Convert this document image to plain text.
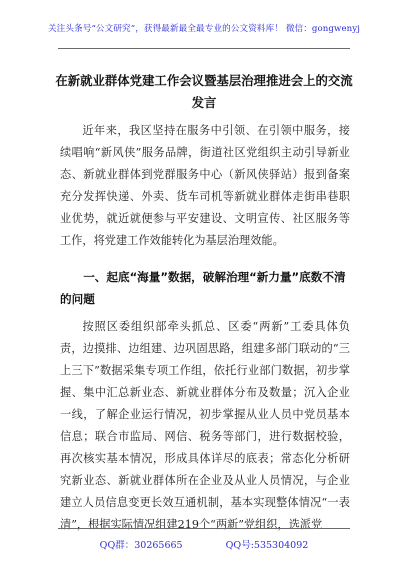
关注头条号“公文研究”，获得最新最全最专业的公文资料库！ 微信：gongwenyj
在新就业群体党建工作会议暨基层治理推进会上的交流发言
近年来，我区坚持在服务中引领、在引领中服务，接续唱响“新风侠”服务品牌，街道社区党组织主动引导新业态、新就业群体到党群服务中心（新风侠驿站）报到备案充分发挥快递、外卖、货车司机等新就业群体走街串巷职业优势，就近就便参与平安建设、文明宣传、社区服务等工作，将党建工作效能转化为基层治理效能。
一、起底“海量”数据，破解治理“新力量”底数不清的问题
按照区委组织部牵头抓总、区委“两新”工委具体负责，边摸排、边组建、边巩固思路，组建多部门联动的“三上三下”数据采集专项工作组，依托行业部门数据，初步掌握、集中汇总新业态、新就业群体分布及数量；沉入企业一线，了解企业运行情况，初步掌握从业人员中党员基本信息；联合市监局、网信、税务等部门，进行数据校验，再次核实基本情况，形成具体详尽的底表；常态化分析研究新业态、新就业群体所在企业及从业人员情况，与企业建立人员信息变更长效互通机制，基本实现整体情况“一表清”，根据实际情况组建219个“两新”党组织，选派党
QQ群：30265665	QQ号:535304092
